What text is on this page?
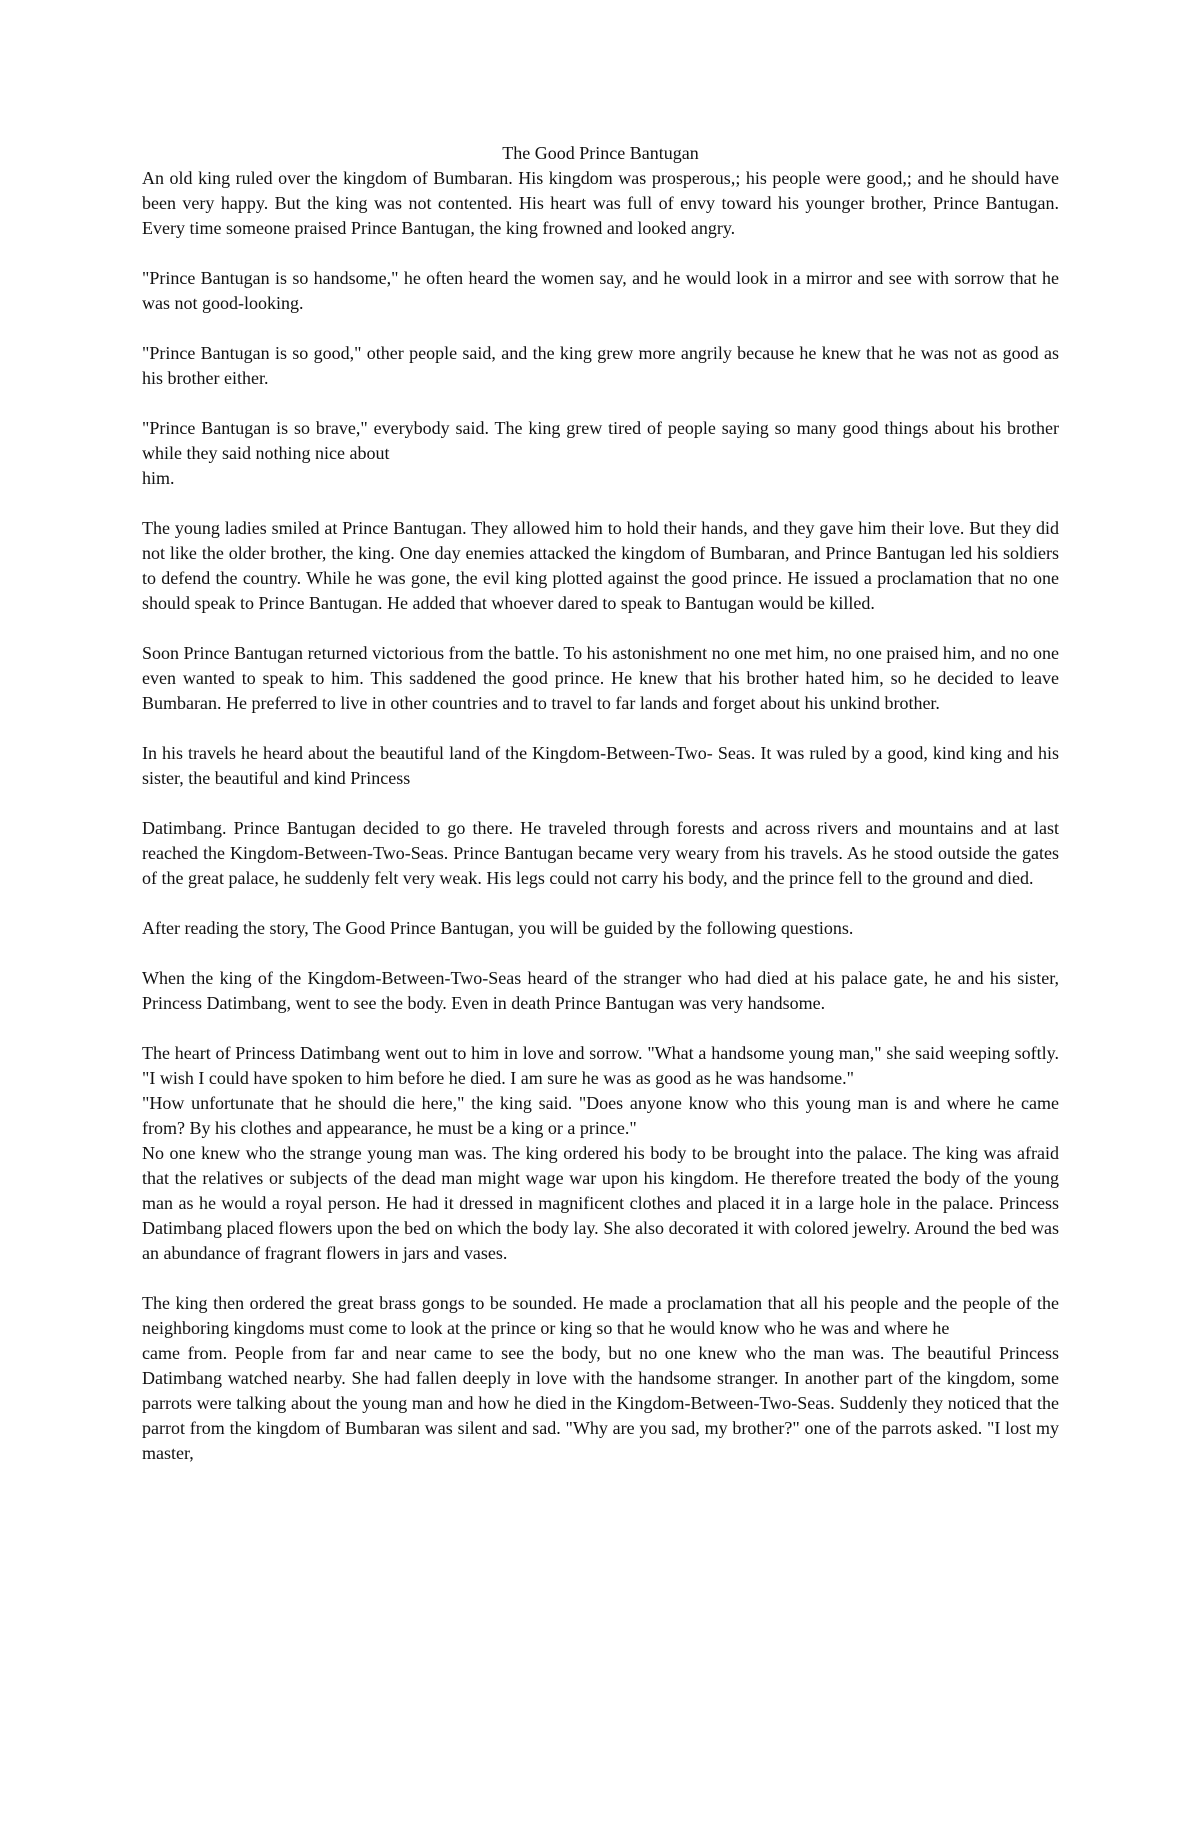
The Good Prince Bantugan

An old king ruled over the kingdom of Bumbaran. His kingdom was prosperous,; his people were good,; and he should have been very happy. But the king was not contented. His heart was full of envy toward his younger brother, Prince Bantugan. Every time someone praised Prince Bantugan, the king frowned and looked angry.

"Prince Bantugan is so handsome," he often heard the women say, and he would look in a mirror and see with sorrow that he was not good-looking.

"Prince Bantugan is so good," other people said, and the king grew more angrily because he knew that he was not as good as his brother either.

"Prince Bantugan is so brave," everybody said. The king grew tired of people saying so many good things about his brother while they said nothing nice about

him.

The young ladies smiled at Prince Bantugan. They allowed him to hold their hands, and they gave him their love. But they did not like the older brother, the king. One day enemies attacked the kingdom of Bumbaran, and Prince Bantugan led his soldiers to defend the country. While he was gone, the evil king plotted against the good prince. He issued a proclamation that no one should speak to Prince Bantugan. He added that whoever dared to speak to Bantugan would be killed.

Soon Prince Bantugan returned victorious from the battle. To his astonishment no one met him, no one praised him, and no one even wanted to speak to him. This saddened the good prince. He knew that his brother hated him, so he decided to leave Bumbaran. He preferred to live in other countries and to travel to far lands and forget about his unkind brother.

In his travels he heard about the beautiful land of the Kingdom-Between-Two- Seas. It was ruled by a good, kind king and his sister, the beautiful and kind Princess

Datimbang. Prince Bantugan decided to go there. He traveled through forests and across rivers and mountains and at last reached the Kingdom-Between-Two-Seas. Prince Bantugan became very weary from his travels. As he stood outside the gates of the great palace, he suddenly felt very weak. His legs could not carry his body, and the prince fell to the ground and died.

After reading the story, The Good Prince Bantugan, you will be guided by the following questions.

When the king of the Kingdom-Between-Two-Seas heard of the stranger who had died at his palace gate, he and his sister, Princess Datimbang, went to see the body. Even in death Prince Bantugan was very handsome.

The heart of Princess Datimbang went out to him in love and sorrow. "What a handsome young man," she said weeping softly. "I wish I could have spoken to him before he died. I am sure he was as good as he was handsome."

"How unfortunate that he should die here," the king said. "Does anyone know who this young man is and where he came from? By his clothes and appearance, he must be a king or a prince."

No one knew who the strange young man was. The king ordered his body to be brought into the palace. The king was afraid that the relatives or subjects of the dead man might wage war upon his kingdom. He therefore treated the body of the young man as he would a royal person. He had it dressed in magnificent clothes and placed it in a large hole in the palace. Princess Datimbang placed flowers upon the bed on which the body lay. She also decorated it with colored jewelry. Around the bed was an abundance of fragrant flowers in jars and vases.

The king then ordered the great brass gongs to be sounded. He made a proclamation that all his people and the people of the neighboring kingdoms must come to look at the prince or king so that he would know who he was and where he

came from. People from far and near came to see the body, but no one knew who the man was. The beautiful Princess Datimbang watched nearby. She had fallen deeply in love with the handsome stranger. In another part of the kingdom, some parrots were talking about the young man and how he died in the Kingdom-Between-Two-Seas. Suddenly they noticed that the parrot from the kingdom of Bumbaran was silent and sad. "Why are you sad, my brother?" one of the parrots asked. "I lost my master,
